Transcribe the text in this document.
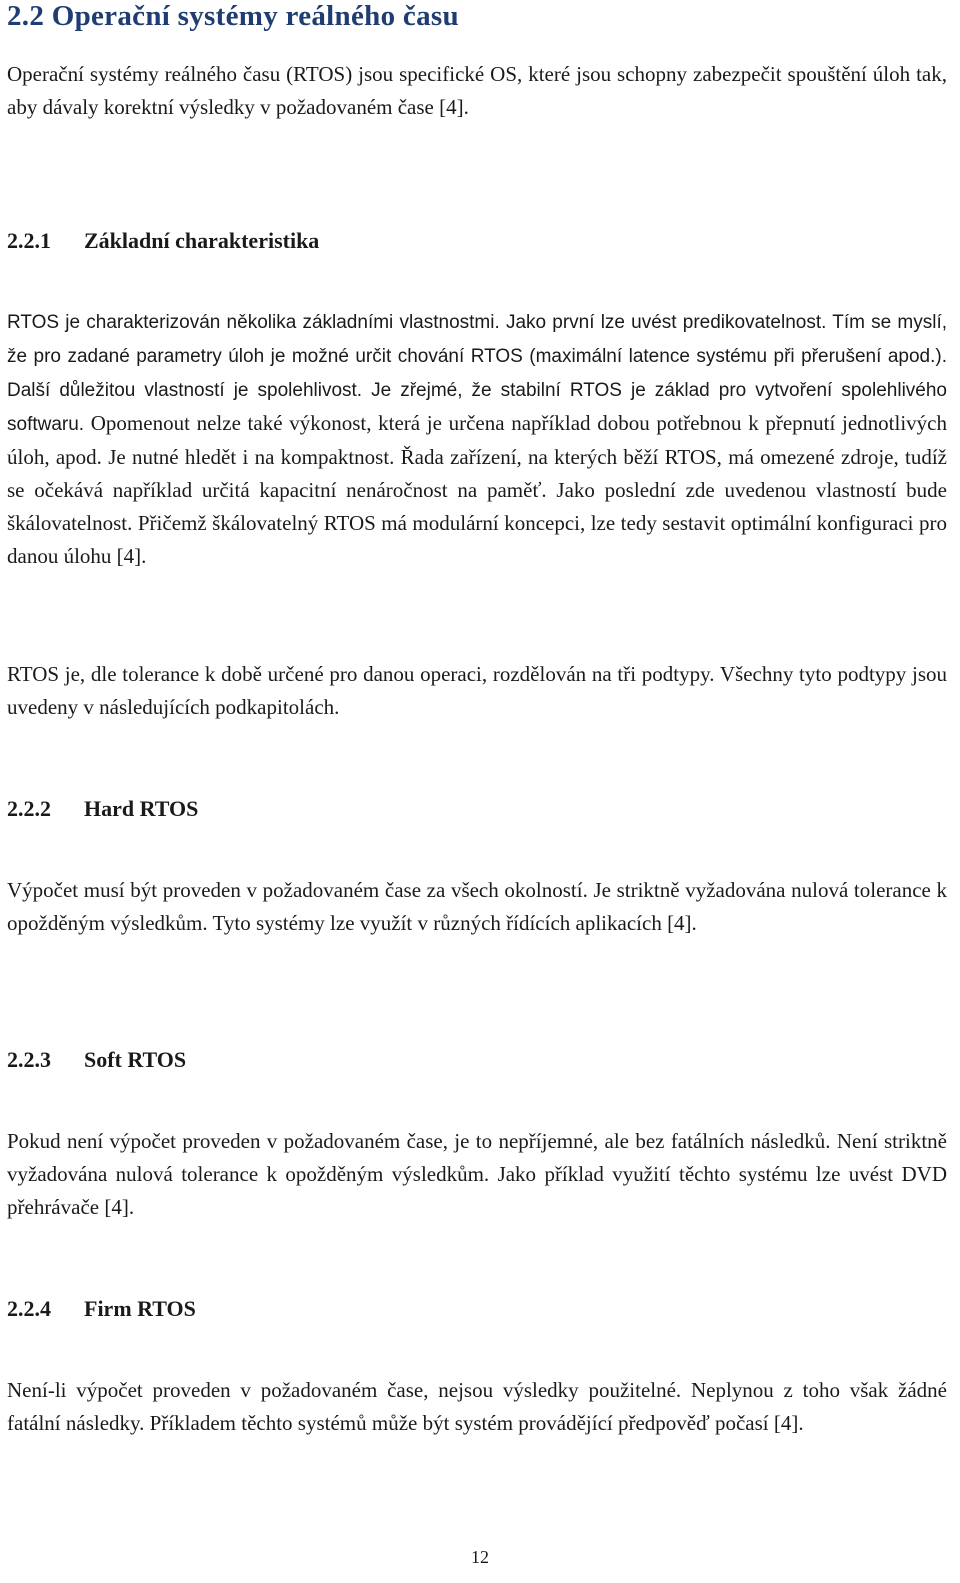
2.2 Operační systémy reálného času

Operační systémy reálného času (RTOS) jsou specifické OS, které jsou schopny zabezpečit spouštění úloh tak, aby dávaly korektní výsledky v požadovaném čase [4].

2.2.1 Základní charakteristika

RTOS je charakterizován několika základními vlastnostmi. Jako první lze uvést predikovatelnost. Tím se myslí, že pro zadané parametry úloh je možné určit chování RTOS (maximální latence systému při přerušení apod.). Další důležitou vlastností je spolehlivost. Je zřejmé, že stabilní RTOS je základ pro vytvoření spolehlivého softwaru. Opomenout nelze také výkonost, která je určena například dobou potřebnou k přepnutí jednotlivých úloh, apod. Je nutné hledět i na kompaktnost. Řada zařízení, na kterých běží RTOS, má omezené zdroje, tudíž se očekává například určitá kapacitní nenáročnost na paměť. Jako poslední zde uvedenou vlastností bude škálovatelnost. Přičemž škálovatelný RTOS má modulární koncepci, lze tedy sestavit optimální konfiguraci pro danou úlohu [4].

RTOS je, dle tolerance k době určené pro danou operaci, rozdělován na tři podtypy. Všechny tyto podtypy jsou uvedeny v následujících podkapitolách.

2.2.2 Hard RTOS

Výpočet musí být proveden v požadovaném čase za všech okolností. Je striktně vyžadována nulová tolerance k opožděným výsledkům. Tyto systémy lze využít v různých řídících aplikacích [4].

2.2.3 Soft RTOS

Pokud není výpočet proveden v požadovaném čase, je to nepříjemné, ale bez fatálních následků. Není striktně vyžadována nulová tolerance k opožděným výsledkům. Jako příklad využití těchto systému lze uvést DVD přehrávače [4].

2.2.4 Firm RTOS

Není-li výpočet proveden v požadovaném čase, nejsou výsledky použitelné. Neplynou z toho však žádné fatální následky. Příkladem těchto systémů může být systém provádějící předpověď počasí [4].

12
